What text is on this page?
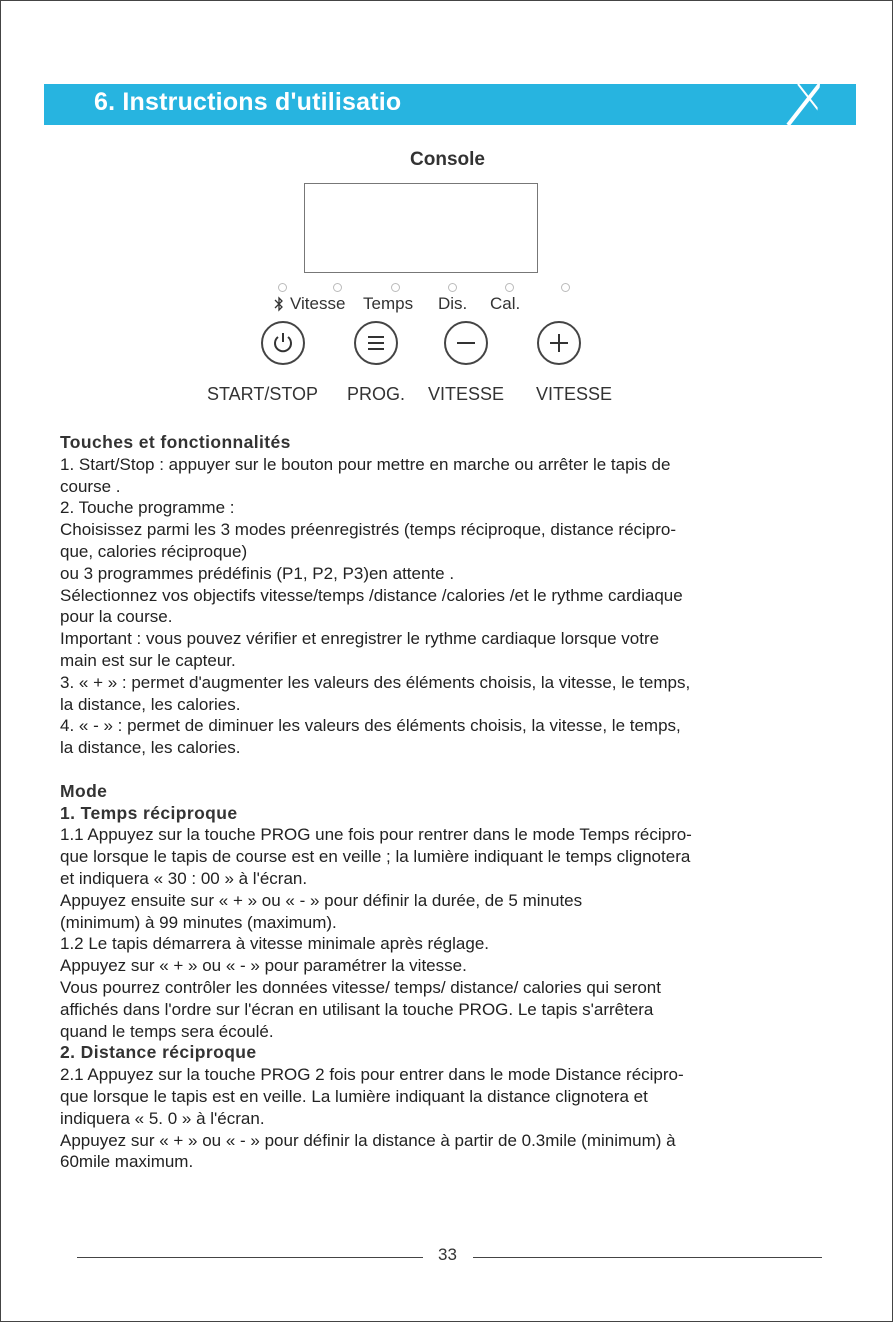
6. Instructions d'utilisatio
Console
Vitesse Temps Dis. Cal.
START/STOP PROG. VITESSE VITESSE
Touches et fonctionnalités

1. Start/Stop : appuyer sur le bouton pour mettre en marche ou arrêter le tapis de

course .

2. Touche programme :

Choisissez parmi les 3 modes préenregistrés (temps réciproque, distance récipro-

que, calories réciproque)

ou 3 programmes prédéfinis (P1, P2, P3)en attente .

Sélectionnez vos objectifs vitesse/temps /distance /calories /et le rythme cardiaque

pour la course.

Important : vous pouvez vérifier et enregistrer le rythme cardiaque lorsque votre

main est sur le capteur.

3. « + » : permet d'augmenter les valeurs des éléments choisis, la vitesse, le temps,

la distance, les calories.

4. « - » : permet de diminuer les valeurs des éléments choisis, la vitesse, le temps,

la distance, les calories.

Mode
1. Temps réciproque

1.1 Appuyez sur la touche PROG une fois pour rentrer dans le mode Temps récipro-

que lorsque le tapis de course est en veille ; la lumière indiquant le temps clignotera

et indiquera « 30 : 00 » à l'écran.

Appuyez ensuite sur « + » ou « - » pour définir la durée, de 5 minutes

(minimum) à 99 minutes (maximum).

1.2 Le tapis démarrera à vitesse minimale après réglage.

Appuyez sur « + » ou « - » pour paramétrer la vitesse.

Vous pourrez contrôler les données vitesse/ temps/ distance/ calories qui seront

affichés dans l'ordre sur l'écran en utilisant la touche PROG. Le tapis s'arrêtera

quand le temps sera écoulé.

2. Distance réciproque

2.1 Appuyez sur la touche PROG 2 fois pour entrer dans le mode Distance récipro-

que lorsque le tapis est en veille. La lumière indiquant la distance clignotera et

indiquera « 5. 0 » à l'écran.

Appuyez sur « + » ou « - » pour définir la distance à partir de 0.3mile (minimum) à

60mile maximum.

33
